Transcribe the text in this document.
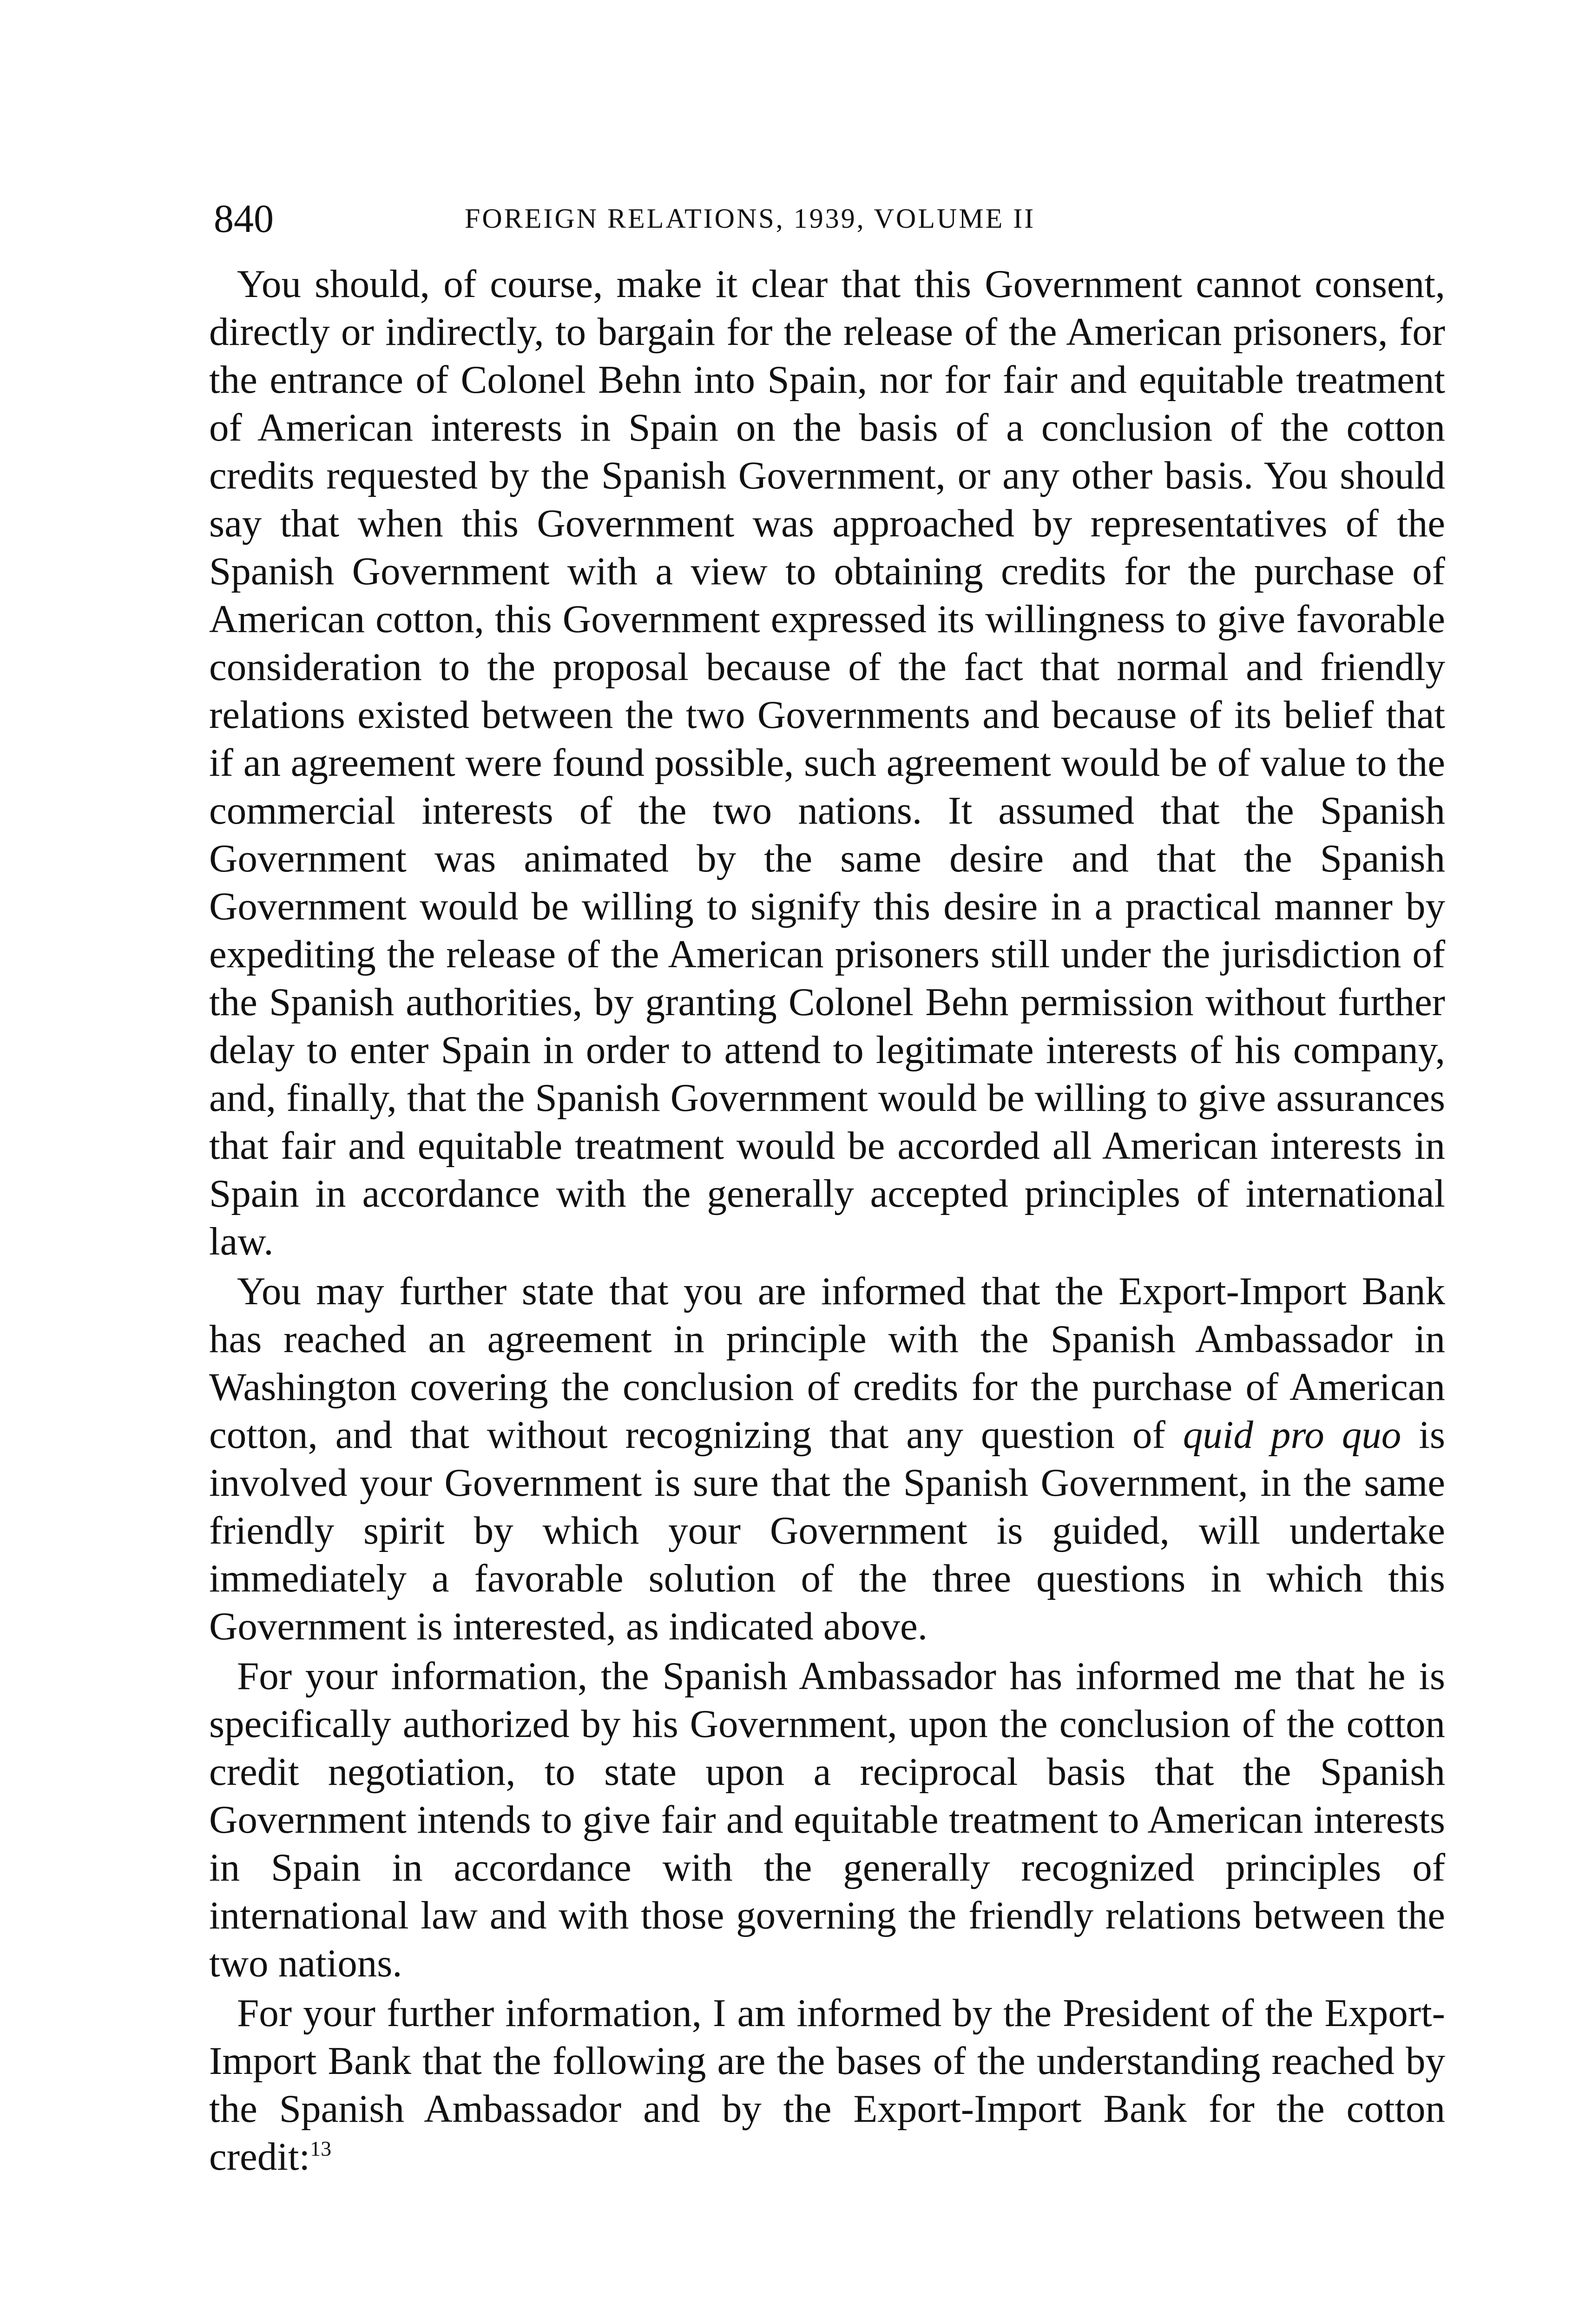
840	FOREIGN RELATIONS, 1939, VOLUME II

You should, of course, make it clear that this Government cannot consent, directly or indirectly, to bargain for the release of the American prisoners, for the entrance of Colonel Behn into Spain, nor for fair and equitable treatment of American interests in Spain on the basis of a conclusion of the cotton credits requested by the Spanish Government, or any other basis. You should say that when this Government was approached by representatives of the Spanish Government with a view to obtaining credits for the purchase of American cotton, this Government expressed its willingness to give favorable consideration to the proposal because of the fact that normal and friendly relations existed between the two Governments and because of its belief that if an agreement were found possible, such agreement would be of value to the commercial interests of the two nations. It assumed that the Spanish Government was animated by the same desire and that the Spanish Government would be willing to signify this desire in a practical manner by expediting the release of the American prisoners still under the jurisdiction of the Spanish authorities, by granting Colonel Behn permission without further delay to enter Spain in order to attend to legitimate interests of his company, and, finally, that the Spanish Government would be willing to give assurances that fair and equitable treatment would be accorded all American interests in Spain in accordance with the generally accepted principles of international law.

You may further state that you are informed that the Export-Import Bank has reached an agreement in principle with the Spanish Ambassador in Washington covering the conclusion of credits for the purchase of American cotton, and that without recognizing that any question of quid pro quo is involved your Government is sure that the Spanish Government, in the same friendly spirit by which your Government is guided, will undertake immediately a favorable solution of the three questions in which this Government is interested, as indicated above.

For your information, the Spanish Ambassador has informed me that he is specifically authorized by his Government, upon the conclusion of the cotton credit negotiation, to state upon a reciprocal basis that the Spanish Government intends to give fair and equitable treatment to American interests in Spain in accordance with the generally recognized principles of international law and with those governing the friendly relations between the two nations.

For your further information, I am informed by the President of the Export-Import Bank that the following are the bases of the understanding reached by the Spanish Ambassador and by the Export-Import Bank for the cotton credit:$^{13}$
